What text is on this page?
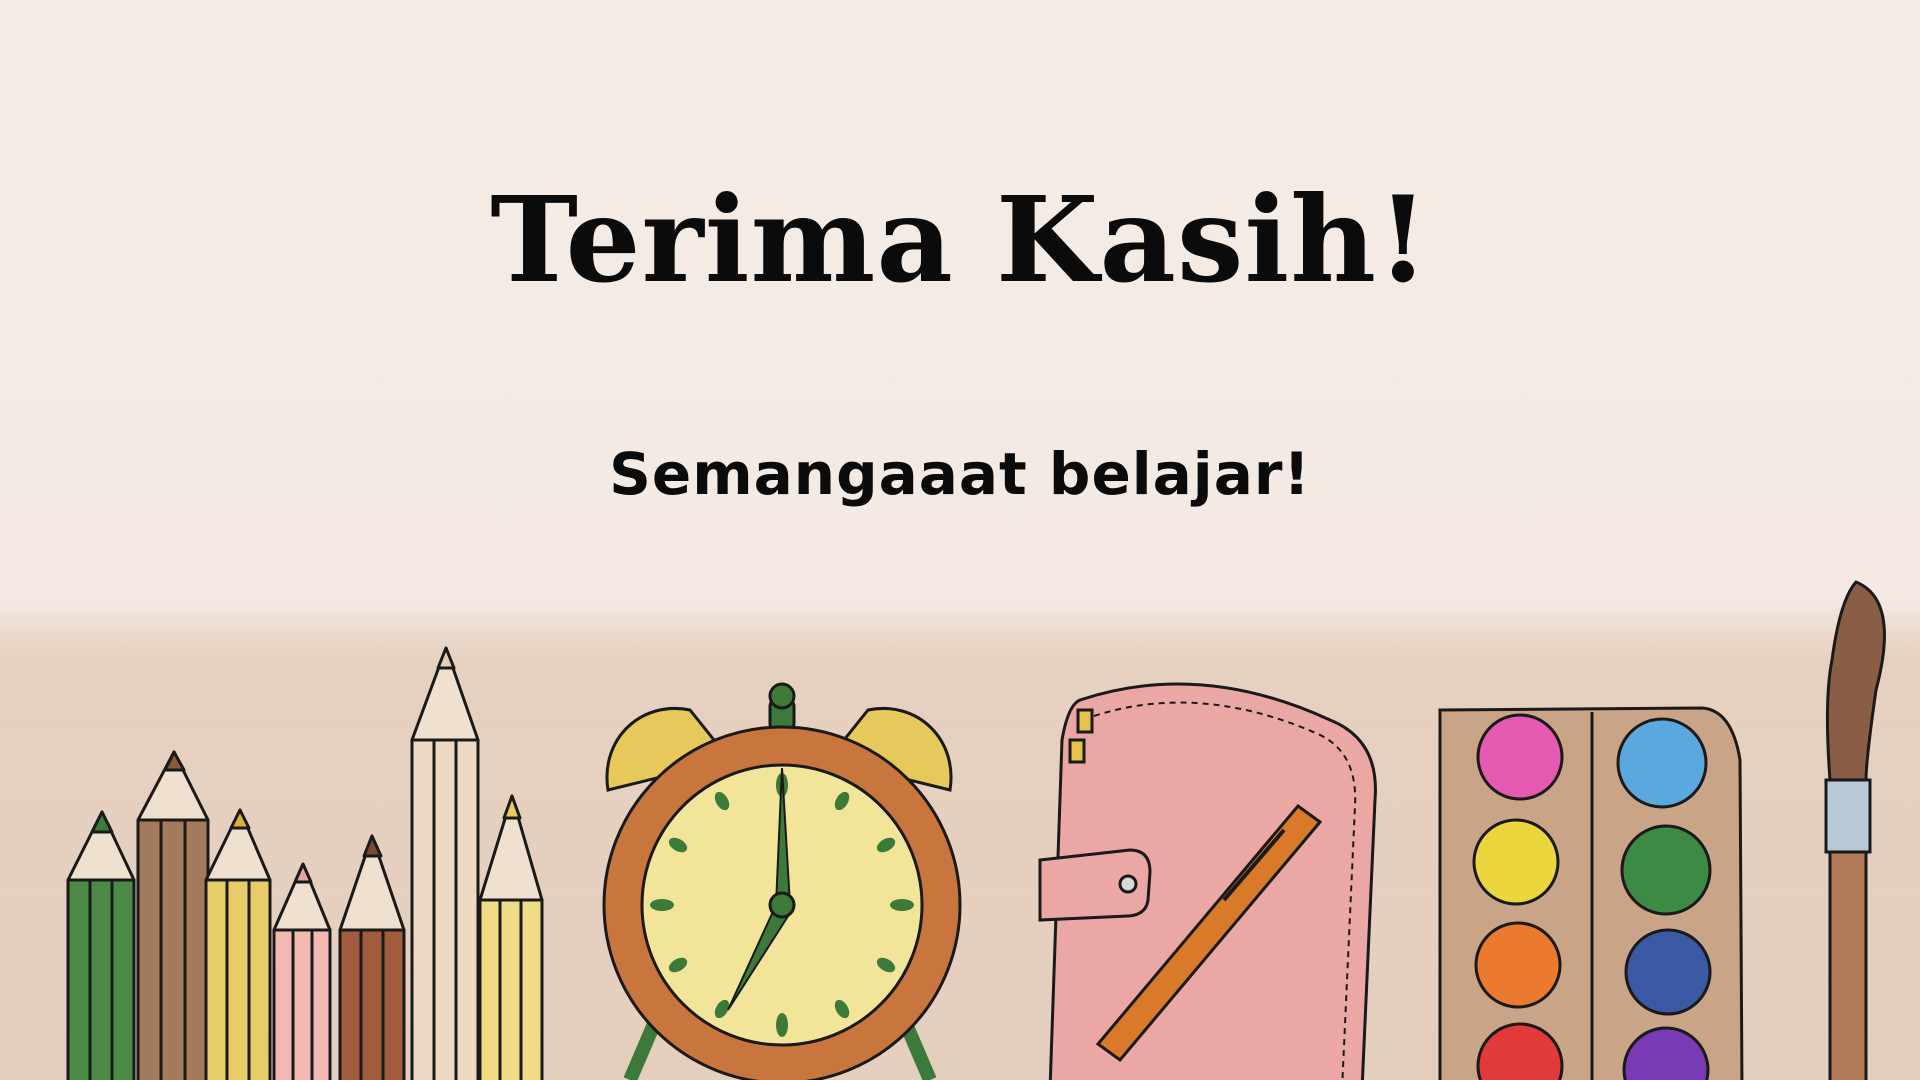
Terima Kasih!

Semangaaat belajar!
